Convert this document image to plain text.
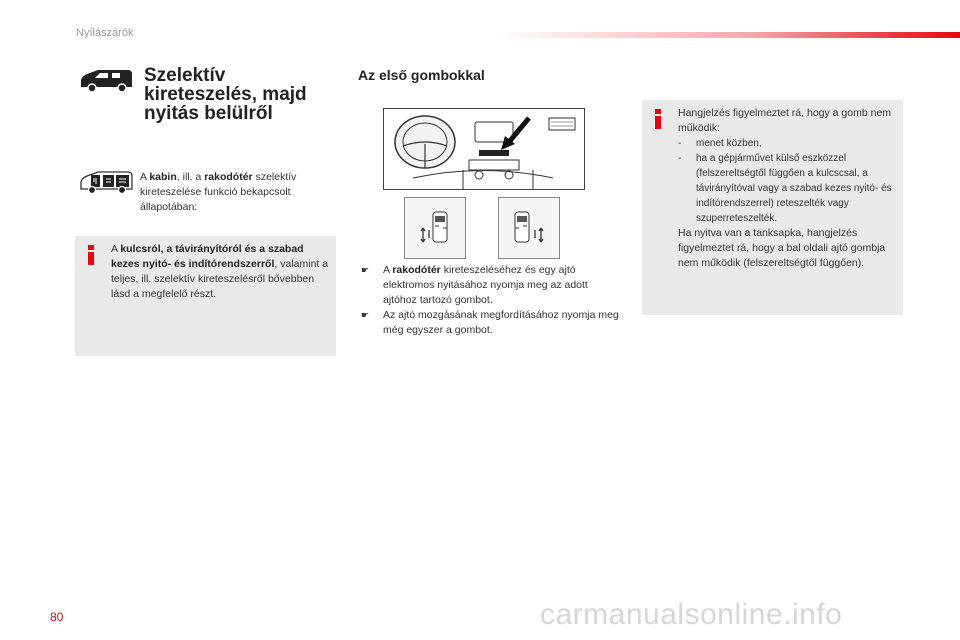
Nyílászárók
Szelektív
kireteszelés, majd
nyitás belülről
A kabin, ill. a rakodótér szelektív kireteszelése funkció bekapcsolt állapotában:
A kulcsról, a távirányítóról és a szabad kezes nyitó- és indítórendszerről, valamint a teljes, ill. szelektív kireteszelésről bővebben lásd a megfelelő részt.
Az első gombokkal
☛ A rakodótér kireteszeléséhez és egy ajtó elektromos nyitásához nyomja meg az adott ajtóhoz tartozó gombot.
☛ Az ajtó mozgásának megfordításához nyomja meg még egyszer a gombot.
Hangjelzés figyelmeztet rá, hogy a gomb nem működik:
- menet közben,
- ha a gépjárművet külső eszközzel (felszereltségtől függően a kulcscsal, a távirányítóval vagy a szabad kezes nyitó- és indítórendszerrel) reteszelték vagy szuperreteszelték.
Ha nyitva van a tanksapka, hangjelzés figyelmeztet rá, hogy a bal oldali ajtó gombja nem működik (felszereltségtől függően).
80	carmanualsonline.info
